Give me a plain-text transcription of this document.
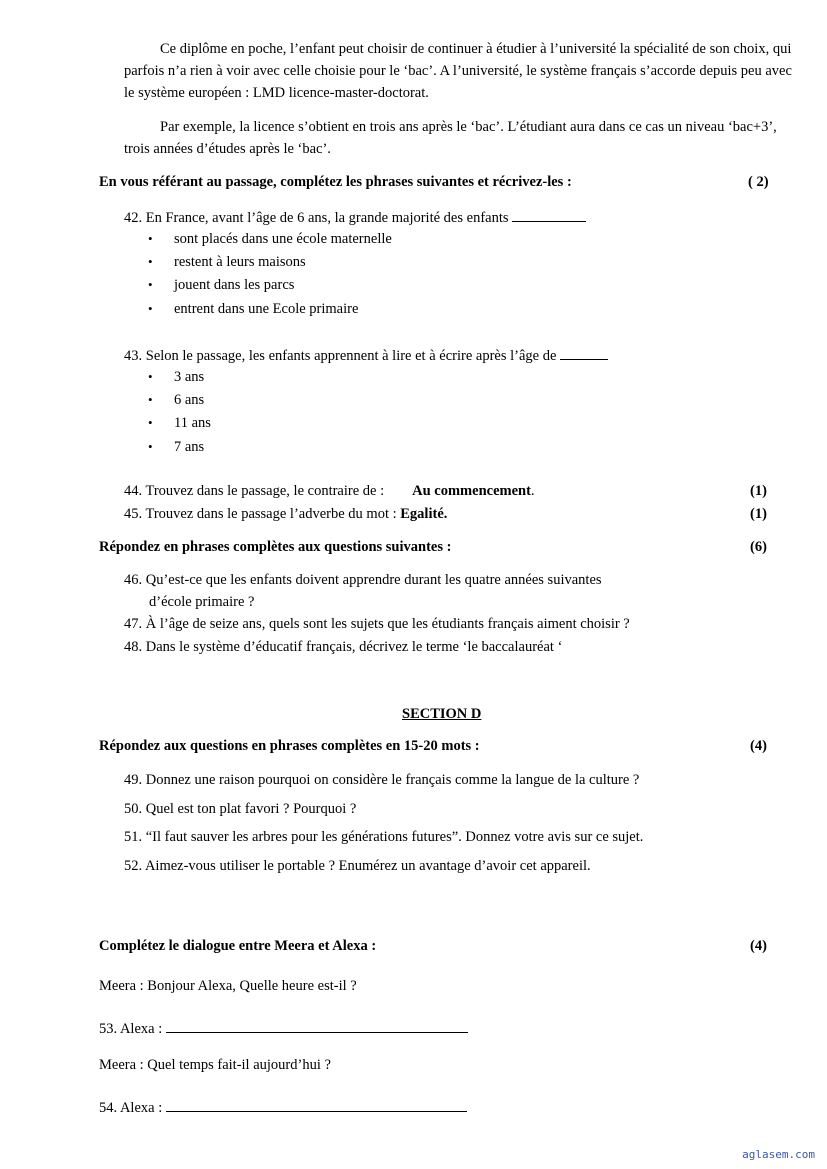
Ce diplôme en poche, l’enfant peut choisir de continuer à étudier à l’université la spécialité de son choix, qui parfois n’a rien à voir avec celle choisie pour le ‘bac’. A l’université, le système français s’accorde depuis peu avec le système européen : LMD licence-master-doctorat.

Par exemple, la licence s’obtient en trois ans après le ‘bac’. L’étudiant aura dans ce cas un niveau ‘bac+3’, trois années d’études après le ‘bac’.

En vous référant au passage, complétez les phrases suivantes et récrivez-les :	( 2)
42. En France, avant l’âge de 6 ans, la grande majorité des enfants
• sont placés dans une école maternelle
• restent à leurs maisons
• jouent dans les parcs
• entrent dans une Ecole primaire
43. Selon le passage, les enfants apprennent à lire et à écrire après l’âge de
• 3 ans
• 6 ans
• 11 ans
• 7 ans
44. Trouvez dans le passage, le contraire de : Au commencement.	(1)
45. Trouvez dans le passage l’adverbe du mot : Egalité.	(1)
Répondez en phrases complètes aux questions suivantes :	(6)
46. Qu’est-ce que les enfants doivent apprendre durant les quatre années suivantes
d’école primaire ?
47. À l’âge de seize ans, quels sont les sujets que les étudiants français aiment choisir ?
48. Dans le système d’éducatif français, décrivez le terme ‘le baccalauréat ‘
SECTION D
Répondez aux questions en phrases complètes en 15-20 mots :	(4)
49. Donnez une raison pourquoi on considère le français comme la langue de la culture ?
50. Quel est ton plat favori ? Pourquoi ?
51. “Il faut sauver les arbres pour les générations futures”. Donnez votre avis sur ce sujet.
52. Aimez-vous utiliser le portable ? Enumérez un avantage d’avoir cet appareil.
Complétez le dialogue entre Meera et Alexa :	(4)
Meera : Bonjour Alexa, Quelle heure est-il ?
53. Alexa :
Meera : Quel temps fait-il aujourd’hui ?
54. Alexa :
aglasem.com
